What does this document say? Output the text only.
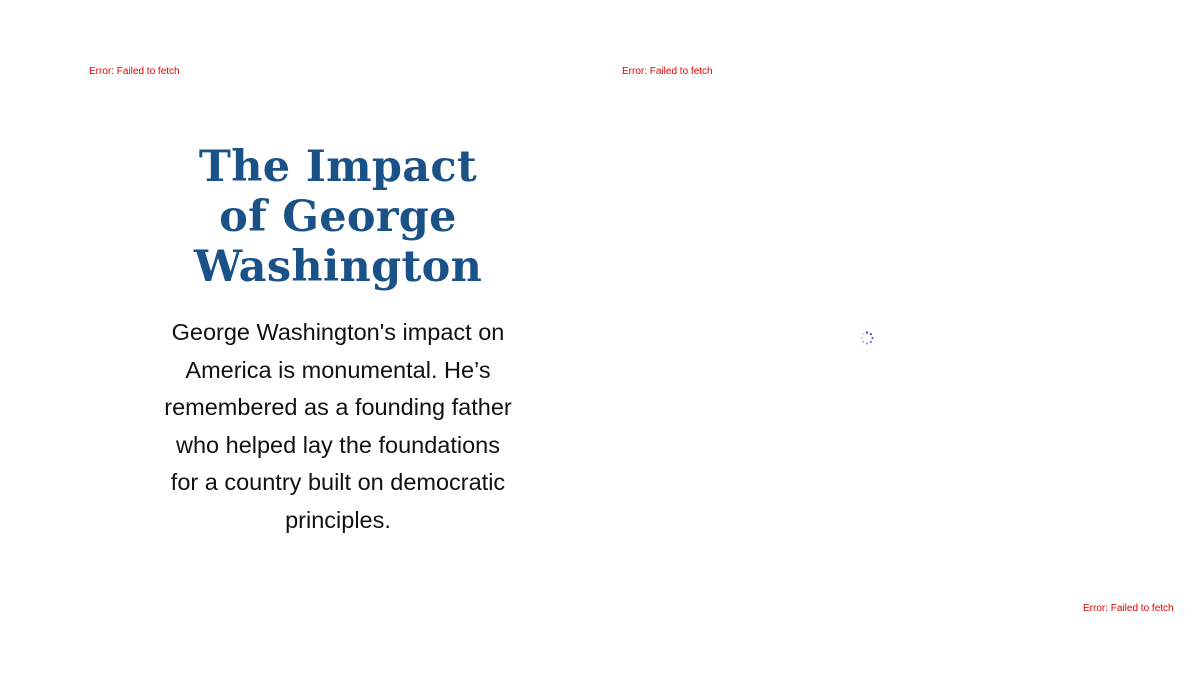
Error: Failed to fetch	Error: Failed to fetch
Error: Failed to fetch
The Impact of George Washington

George Washington's impact on America is monumental. He’s remembered as a founding father who helped lay the foundations for a country built on democratic principles.
